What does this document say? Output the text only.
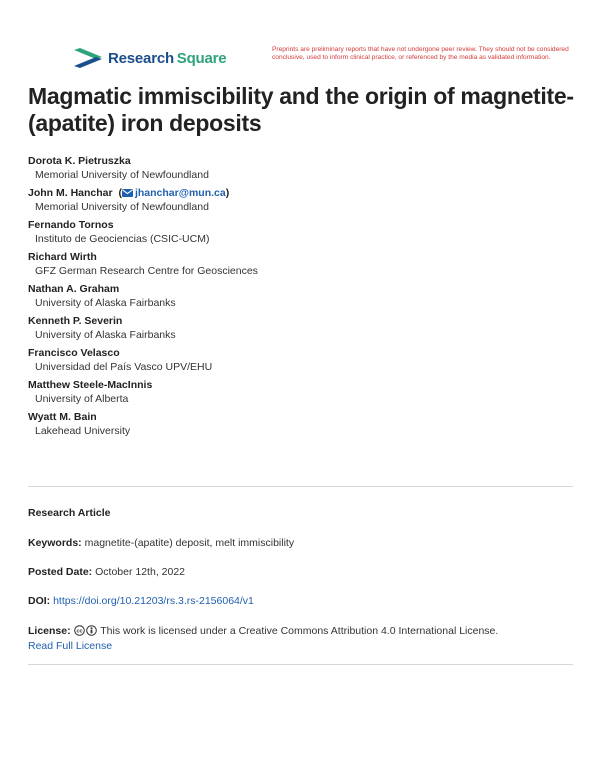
Research  Square	Preprints are preliminary reports that have not undergone peer review. They should not be considered conclusive, used to inform clinical practice, or referenced by the media as validated information.
Magmatic immiscibility and the origin of magnetite-(apatite) iron deposits
Dorota K. Pietruszka
Memorial University of Newfoundland
John M. Hanchar  ( jhanchar@mun.ca)
Memorial University of Newfoundland
Fernando Tornos
Instituto de Geociencias (CSIC-UCM)
Richard Wirth
GFZ German Research Centre for Geosciences
Nathan A. Graham
University of Alaska Fairbanks
Kenneth P. Severin
University of Alaska Fairbanks
Francisco Velasco
Universidad del País Vasco UPV/EHU
Matthew Steele-MacInnis
University of Alberta
Wyatt M. Bain
Lakehead University
Research Article
Keywords: magnetite-(apatite) deposit, melt immiscibility
Posted Date: October 12th, 2022
DOI: https://doi.org/10.21203/rs.3.rs-2156064/v1
License: cc This work is licensed under a Creative Commons Attribution 4.0 International License.
Read Full License
